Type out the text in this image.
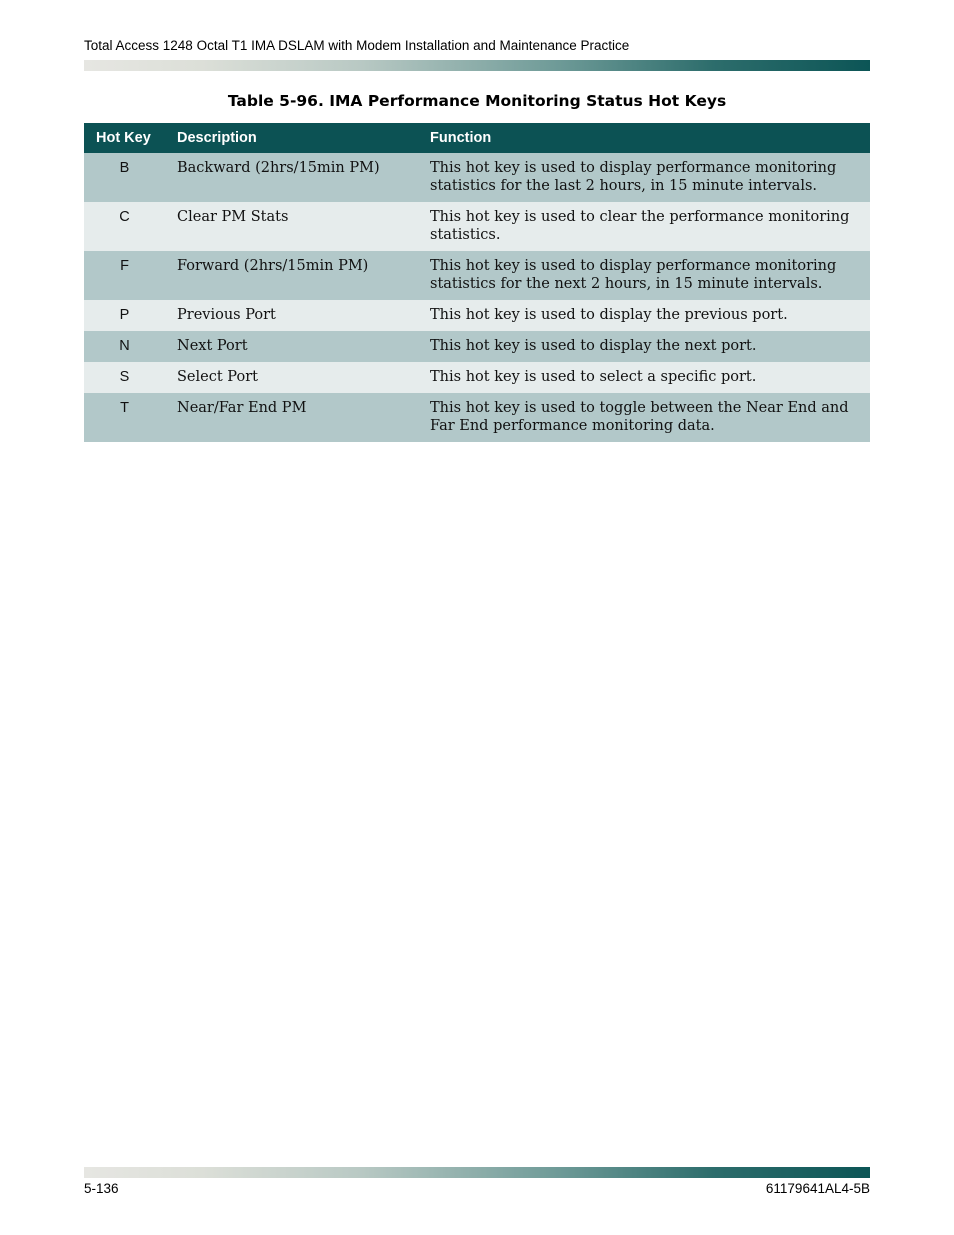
Total Access 1248 Octal T1 IMA DSLAM with Modem Installation and Maintenance Practice
Table 5-96. IMA Performance Monitoring Status Hot Keys
Hot Key	Description	Function
B	Backward (2hrs/15min PM)	This hot key is used to display performance monitoring statistics for the last 2 hours, in 15 minute intervals.
C	Clear PM Stats	This hot key is used to clear the performance monitoring statistics.
F	Forward (2hrs/15min PM)	This hot key is used to display performance monitoring statistics for the next 2 hours, in 15 minute intervals.
P	Previous Port	This hot key is used to display the previous port.
N	Next Port	This hot key is used to display the next port.
S	Select Port	This hot key is used to select a specific port.
T	Near/Far End PM	This hot key is used to toggle between the Near End and Far End performance monitoring data.
5-136	61179641AL4-5B
